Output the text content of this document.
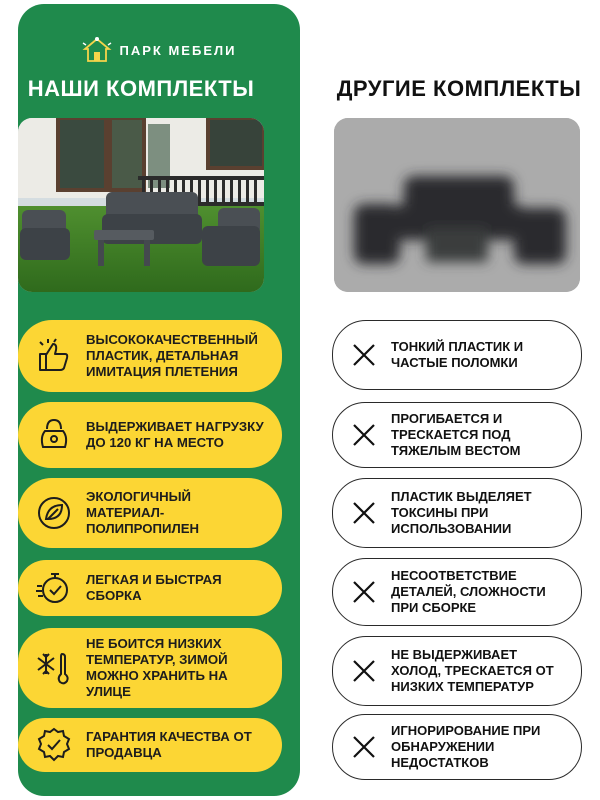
ПАРК МЕБЕЛИ
НАШИ КОМПЛЕКТЫ
ВЫСОКОКАЧЕСТВЕННЫЙ ПЛАСТИК, ДЕТАЛЬНАЯ ИМИТАЦИЯ ПЛЕТЕНИЯ
ВЫДЕРЖИВАЕТ НАГРУЗКУ ДО 120 КГ НА МЕСТО
ЭКОЛОГИЧНЫЙ МАТЕРИАЛ-ПОЛИПРОПИЛЕН
ЛЕГКАЯ И БЫСТРАЯ СБОРКА
НЕ БОИТСЯ НИЗКИХ ТЕМПЕРАТУР, ЗИМОЙ МОЖНО ХРАНИТЬ НА УЛИЦЕ
ГАРАНТИЯ КАЧЕСТВА ОТ ПРОДАВЦА
ДРУГИЕ КОМПЛЕКТЫ
ТОНКИЙ ПЛАСТИК И ЧАСТЫЕ ПОЛОМКИ
ПРОГИБАЕТСЯ И ТРЕСКАЕТСЯ ПОД ТЯЖЕЛЫМ ВЕСТОМ
ПЛАСТИК ВЫДЕЛЯЕТ ТОКСИНЫ ПРИ ИСПОЛЬЗОВАНИИ
НЕСООТВЕТСТВИЕ ДЕТАЛЕЙ, СЛОЖНОСТИ ПРИ СБОРКЕ
НЕ ВЫДЕРЖИВАЕТ ХОЛОД, ТРЕСКАЕТСЯ ОТ НИЗКИХ ТЕМПЕРАТУР
ИГНОРИРОВАНИЕ ПРИ ОБНАРУЖЕНИИ НЕДОСТАТКОВ
